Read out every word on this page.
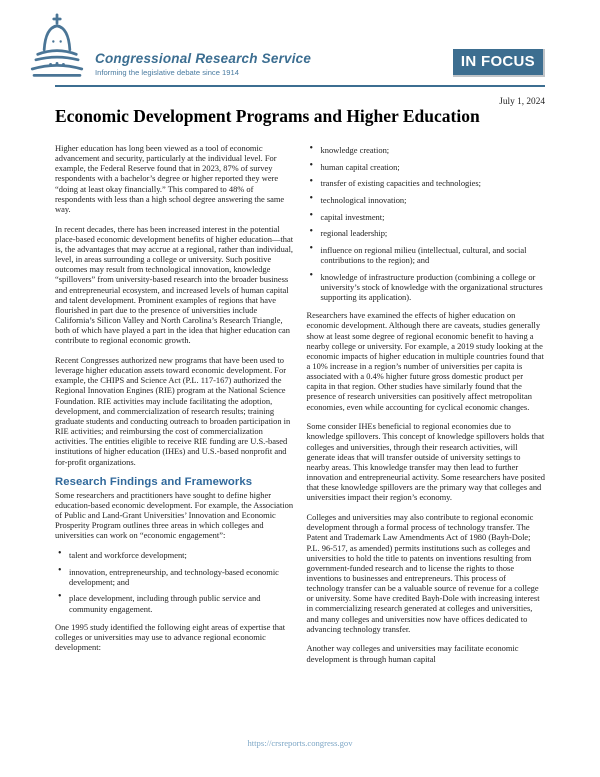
Congressional Research Service
Informing the legislative debate since 1914
IN FOCUS
July 1, 2024
Economic Development Programs and Higher Education

Higher education has long been viewed as a tool of economic advancement and security, particularly at the individual level. For example, the Federal Reserve found that in 2023, 87% of survey respondents with a bachelor’s degree or higher reported they were “doing at least okay financially.” This compared to 48% of respondents with less than a high school degree answering the same way.

In recent decades, there has been increased interest in the potential place-based economic development benefits of higher education—that is, the advantages that may accrue at a regional, rather than individual, level, in areas surrounding a college or university. Such positive outcomes may result from technological innovation, knowledge “spillovers” from university-based research into the broader business and entrepreneurial ecosystem, and increased levels of human capital and talent development. Prominent examples of regions that have flourished in part due to the presence of universities include California’s Silicon Valley and North Carolina’s Research Triangle, both of which have played a part in the idea that higher education can contribute to regional economic growth.

Recent Congresses authorized new programs that have been used to leverage higher education assets toward economic development. For example, the CHIPS and Science Act (P.L. 117-167) authorized the Regional Innovation Engines (RIE) program at the National Science Foundation. RIE activities may include facilitating the adoption, development, and commercialization of research results; training graduate students and conducting outreach to broaden participation in RIE activities; and reimbursing the cost of commercialization activities. The entities eligible to receive RIE funding are U.S.-based institutions of higher education (IHEs) and U.S.-based nonprofit and for-profit organizations.

Research Findings and Frameworks

Some researchers and practitioners have sought to define higher education-based economic development. For example, the Association of Public and Land-Grant Universities’ Innovation and Economic Prosperity Program outlines three areas in which colleges and universities can work on “economic engagement”:

• talent and workforce development;
• innovation, entrepreneurship, and technology-based economic development; and
• place development, including through public service and community engagement.

One 1995 study identified the following eight areas of expertise that colleges or universities may use to advance regional economic development:

• knowledge creation;
• human capital creation;
• transfer of existing capacities and technologies;
• technological innovation;
• capital investment;
• regional leadership;
• influence on regional milieu (intellectual, cultural, and social contributions to the region); and
• knowledge of infrastructure production (combining a college or university’s stock of knowledge with the organizational structures supporting its application).

Researchers have examined the effects of higher education on economic development. Although there are caveats, studies generally show at least some degree of regional economic benefit to having a nearby college or university. For example, a 2019 study looking at the economic impacts of higher education in multiple countries found that a 10% increase in a region’s number of universities per capita is associated with a 0.4% higher future gross domestic product per capita in that region. Other studies have similarly found that the presence of research universities can positively affect metropolitan economies, even while accounting for cyclical economic changes.

Some consider IHEs beneficial to regional economies due to knowledge spillovers. This concept of knowledge spillovers holds that colleges and universities, through their research activities, will generate ideas that will transfer outside of university settings to nearby areas. This knowledge transfer may then lead to further innovation and entrepreneurial activity. Some researchers have posited that these knowledge spillovers are the primary way that colleges and universities impact their region’s economy.

Colleges and universities may also contribute to regional economic development through a formal process of technology transfer. The Patent and Trademark Law Amendments Act of 1980 (Bayh-Dole; P.L. 96-517, as amended) permits institutions such as colleges and universities to hold the title to patents on inventions resulting from government-funded research and to license the rights to those inventions to businesses and entrepreneurs. This process of technology transfer can be a valuable source of revenue for a college or university. Some have credited Bayh-Dole with increasing interest in commercializing research generated at colleges and universities, and many colleges and universities now have offices dedicated to advancing technology transfer.

Another way colleges and universities may facilitate economic development is through human capital

https://crsreports.congress.gov
